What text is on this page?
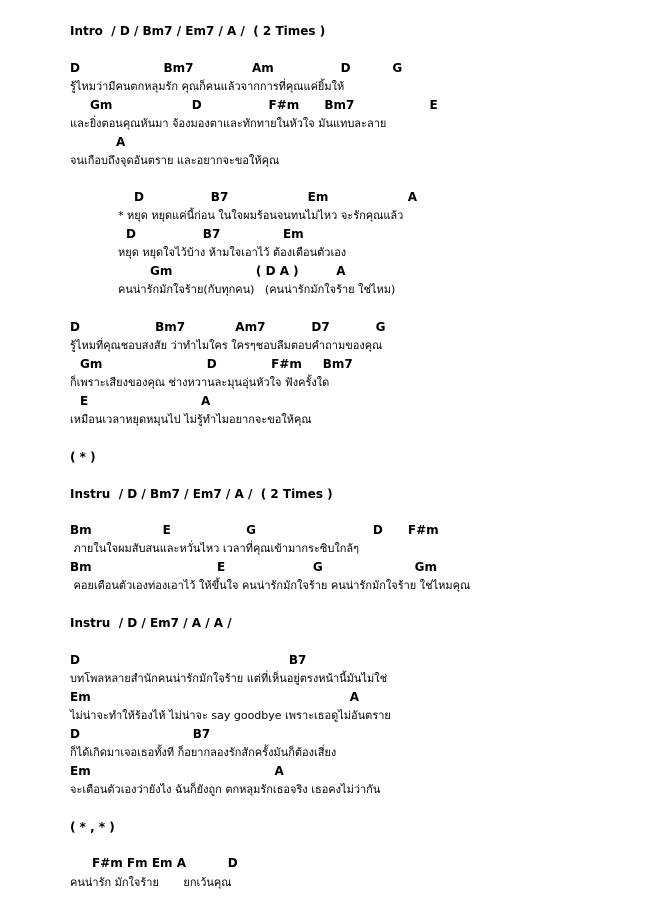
Intro  / D / Bm7 / Em7 / A /  ( 2 Times )
D                    Bm7              Am                D          G
รู้ไหมว่ามีคนตกหลุมรัก คุณก็คนแล้วจากการที่คุณแค่ยิ้มให้
Gm                   D                F#m      Bm7                  E
และยิ่งตอนคุณหันมา จ้องมองตาและทักทายในหัวใจ มันแทบละลาย
A
จนเกือบถึงจุดอันตราย และอยากจะขอให้คุณ
D                B7                   Em                   A
* หยุด หยุดแค่นี้ก่อน ในใจผมร้อนจนทนไม่ไหว จะรักคุณแล้ว
D                B7               Em
หยุด หยุดใจไว้บ้าง ห้ามใจเอาไว้ ต้องเตือนตัวเอง
Gm                    ( D A )         A
คนน่ารักมักใจร้าย(กับทุกคน)   (คนน่ารักมักใจร้าย ใช่ไหม)
D                  Bm7            Am7           D7           G
รู้ไหมที่คุณชอบสงสัย ว่าทำไมใคร ใครๆชอบลืมตอบคำถามของคุณ
Gm                         D             F#m     Bm7
ก็เพราะเสียงของคุณ ช่างหวานละมุนอุ่นหัวใจ ฟังครั้งใด
E                           A
เหมือนเวลาหยุดหมุนไป ไม่รู้ทำไมอยากจะขอให้คุณ
( * )
Instru  / D / Bm7 / Em7 / A /  ( 2 Times )
Bm                 E                  G                            D      F#m
ภายในใจผมสับสนและหวั่นไหว เวลาที่คุณเข้ามากระซิบใกล้ๆ
Bm                              E                     G                      Gm
คอยเตือนตัวเองท่องเอาไว้ ให้ขึ้นใจ คนน่ารักมักใจร้าย คนน่ารักมักใจร้าย ใช่ไหมคุณ
Instru  / D / Em7 / A / A /
D                                                  B7
บทโพลหลายสำนักคนน่ารักมักใจร้าย แต่ที่เห็นอยู่ตรงหน้านี้มันไม่ใช่
Em                                                              A
ไม่น่าจะทำให้ร้องไห้ ไม่น่าจะ say goodbye เพราะเธอดูไม่อันตราย
D                           B7
ก็ได้เกิดมาเจอเธอทั้งที ก็อยากลองรักสักครั้งมันก็ต้องเสี่ยง
Em                                            A
จะเตือนตัวเองว่ายังไง ฉันก็ยังถูก ตกหลุมรักเธอจริง เธอคงไม่ว่ากัน
( * , * )
F#m Fm Em A          D
คนน่ารัก มักใจร้าย       ยกเว้นคุณ
